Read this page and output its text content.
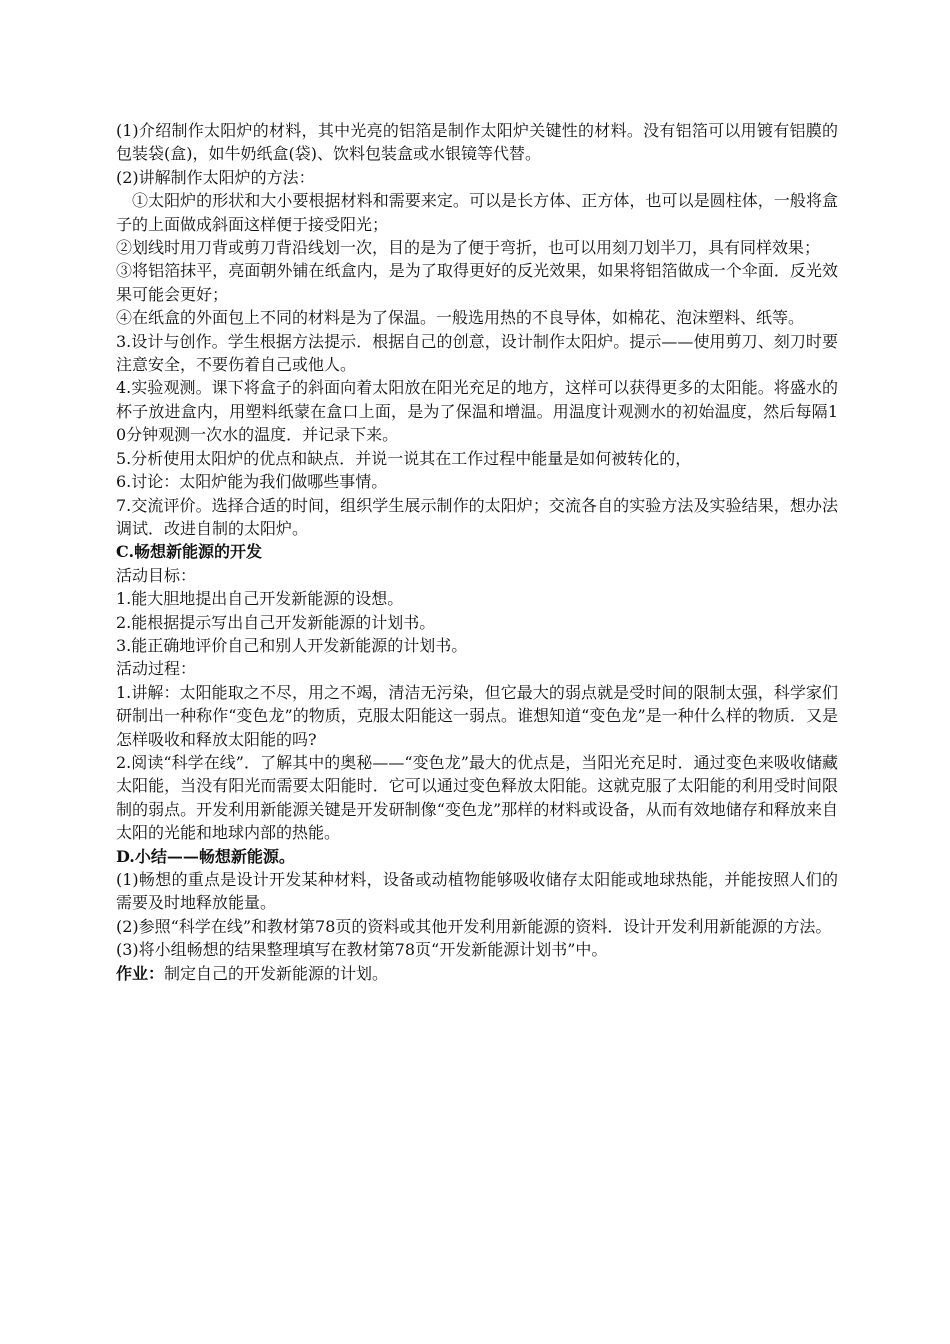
(1)介绍制作太阳炉的材料，其中光亮的铝箔是制作太阳炉关键性的材料。没有铝箔可以用镀有铝膜的包装袋(盒)，如牛奶纸盒(袋)、饮料包装盒或水银镜等代替。

(2)讲解制作太阳炉的方法：

①太阳炉的形状和大小要根据材料和需要来定。可以是长方体、正方体，也可以是圆柱体，一般将盒子的上面做成斜面这样便于接受阳光；

②划线时用刀背或剪刀背沿线划一次，目的是为了便于弯折，也可以用刻刀划半刀，具有同样效果；

③将铝箔抹平，亮面朝外铺在纸盒内，是为了取得更好的反光效果，如果将铝箔做成一个伞面．反光效果可能会更好；

④在纸盒的外面包上不同的材料是为了保温。一般选用热的不良导体，如棉花、泡沫塑料、纸等。

3.设计与创作。学生根据方法提示．根据自己的创意，设计制作太阳炉。提示——使用剪刀、刻刀时要注意安全，不要伤着自己或他人。

4.实验观测。课下将盒子的斜面向着太阳放在阳光充足的地方，这样可以获得更多的太阳能。将盛水的杯子放进盒内，用塑料纸蒙在盒口上面，是为了保温和增温。用温度计观测水的初始温度，然后每隔10分钟观测一次水的温度．并记录下来。

5.分析使用太阳炉的优点和缺点．并说一说其在工作过程中能量是如何被转化的，

6.讨论：太阳炉能为我们做哪些事情。

7.交流评价。选择合适的时间，组织学生展示制作的太阳炉；交流各自的实验方法及实验结果，想办法调试．改进自制的太阳炉。

C.畅想新能源的开发

活动目标：

1.能大胆地提出自己开发新能源的设想。

2.能根据提示写出自己开发新能源的计划书。

3.能正确地评价自己和别人开发新能源的计划书。

活动过程：

1.讲解：太阳能取之不尽，用之不竭，清洁无污染，但它最大的弱点就是受时间的限制太强，科学家们研制出一种称作“变色龙”的物质，克服太阳能这一弱点。谁想知道“变色龙”是一种什么样的物质．又是怎样吸收和释放太阳能的吗?

2.阅读“科学在线”．了解其中的奥秘——“变色龙”最大的优点是，当阳光充足时．通过变色来吸收储藏太阳能，当没有阳光而需要太阳能时．它可以通过变色释放太阳能。这就克服了太阳能的利用受时间限制的弱点。开发利用新能源关键是开发研制像“变色龙”那样的材料或设备，从而有效地储存和释放来自太阳的光能和地球内部的热能。

D.小结——畅想新能源。

(1)畅想的重点是设计开发某种材料，设备或动植物能够吸收储存太阳能或地球热能，并能按照人们的需要及时地释放能量。

(2)参照“科学在线”和教材第78页的资料或其他开发利用新能源的资料．设计开发利用新能源的方法。

(3)将小组畅想的结果整理填写在教材第78页“开发新能源计划书”中。

作业：制定自己的开发新能源的计划。
